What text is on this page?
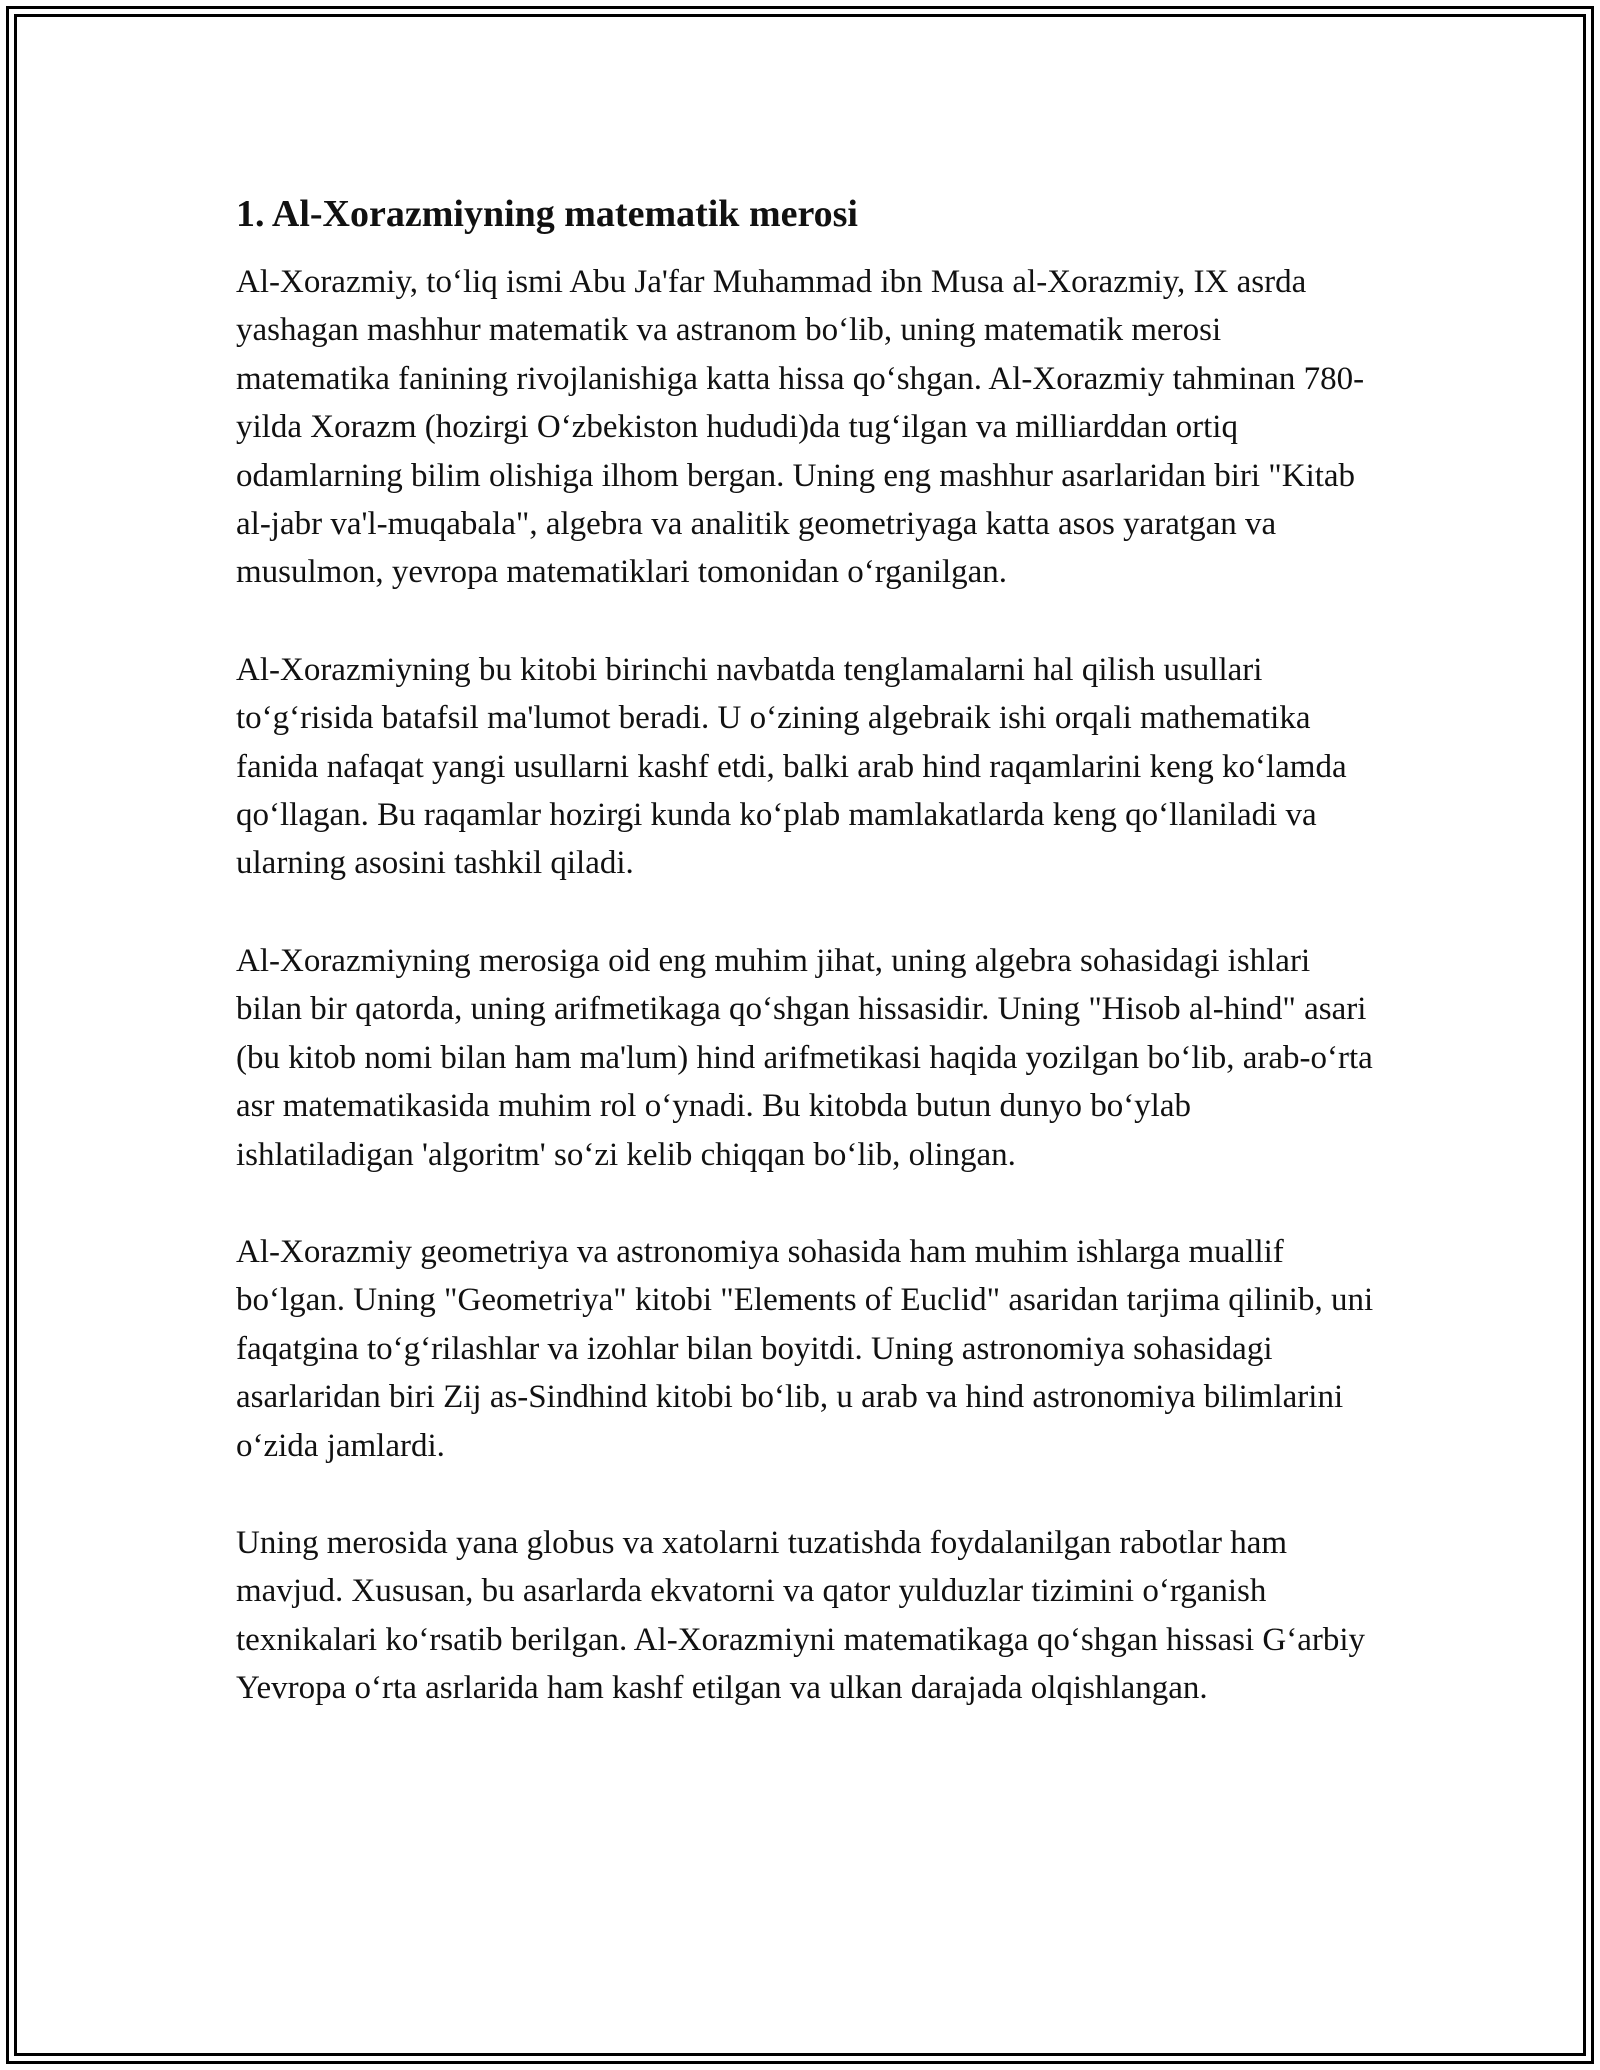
1. Al-Xorazmiyning matematik merosi

Al-Xorazmiy, to‘liq ismi Abu Ja'far Muhammad ibn Musa al-Xorazmiy, IX asrda yashagan mashhur matematik va astranom bo‘lib, uning matematik merosi matematika fanining rivojlanishiga katta hissa qo‘shgan. Al-Xorazmiy tahminan 780-yilda Xorazm (hozirgi O‘zbekiston hududi)da tug‘ilgan va milliarddan ortiq odamlarning bilim olishiga ilhom bergan. Uning eng mashhur asarlaridan biri "Kitab al-jabr va'l-muqabala", algebra va analitik geometriyaga katta asos yaratgan va musulmon, yevropa matematiklari tomonidan o‘rganilgan.

Al-Xorazmiyning bu kitobi birinchi navbatda tenglamalarni hal qilish usullari to‘g‘risida batafsil ma'lumot beradi. U o‘zining algebraik ishi orqali mathematika fanida nafaqat yangi usullarni kashf etdi, balki arab hind raqamlarini keng ko‘lamda qo‘llagan. Bu raqamlar hozirgi kunda ko‘plab mamlakatlarda keng qo‘llaniladi va ularning asosini tashkil qiladi.

Al-Xorazmiyning merosiga oid eng muhim jihat, uning algebra sohasidagi ishlari bilan bir qatorda, uning arifmetikaga qo‘shgan hissasidir. Uning "Hisob al-hind" asari (bu kitob nomi bilan ham ma'lum) hind arifmetikasi haqida yozilgan bo‘lib, arab-o‘rta asr matematikasida muhim rol o‘ynadi. Bu kitobda butun dunyo bo‘ylab ishlatiladigan 'algoritm' so‘zi kelib chiqqan bo‘lib, olingan.

Al-Xorazmiy geometriya va astronomiya sohasida ham muhim ishlarga muallif bo‘lgan. Uning "Geometriya" kitobi "Elements of Euclid" asaridan tarjima qilinib, uni faqatgina to‘g‘rilashlar va izohlar bilan boyitdi. Uning astronomiya sohasidagi asarlaridan biri Zij as-Sindhind kitobi bo‘lib, u arab va hind astronomiya bilimlarini o‘zida jamlardi.

Uning merosida yana globus va xatolarni tuzatishda foydalanilgan rabotlar ham mavjud. Xususan, bu asarlarda ekvatorni va qator yulduzlar tizimini o‘rganish texnikalari ko‘rsatib berilgan. Al-Xorazmiyni matematikaga qo‘shgan hissasi G‘arbiy Yevropa o‘rta asrlarida ham kashf etilgan va ulkan darajada olqishlangan.
